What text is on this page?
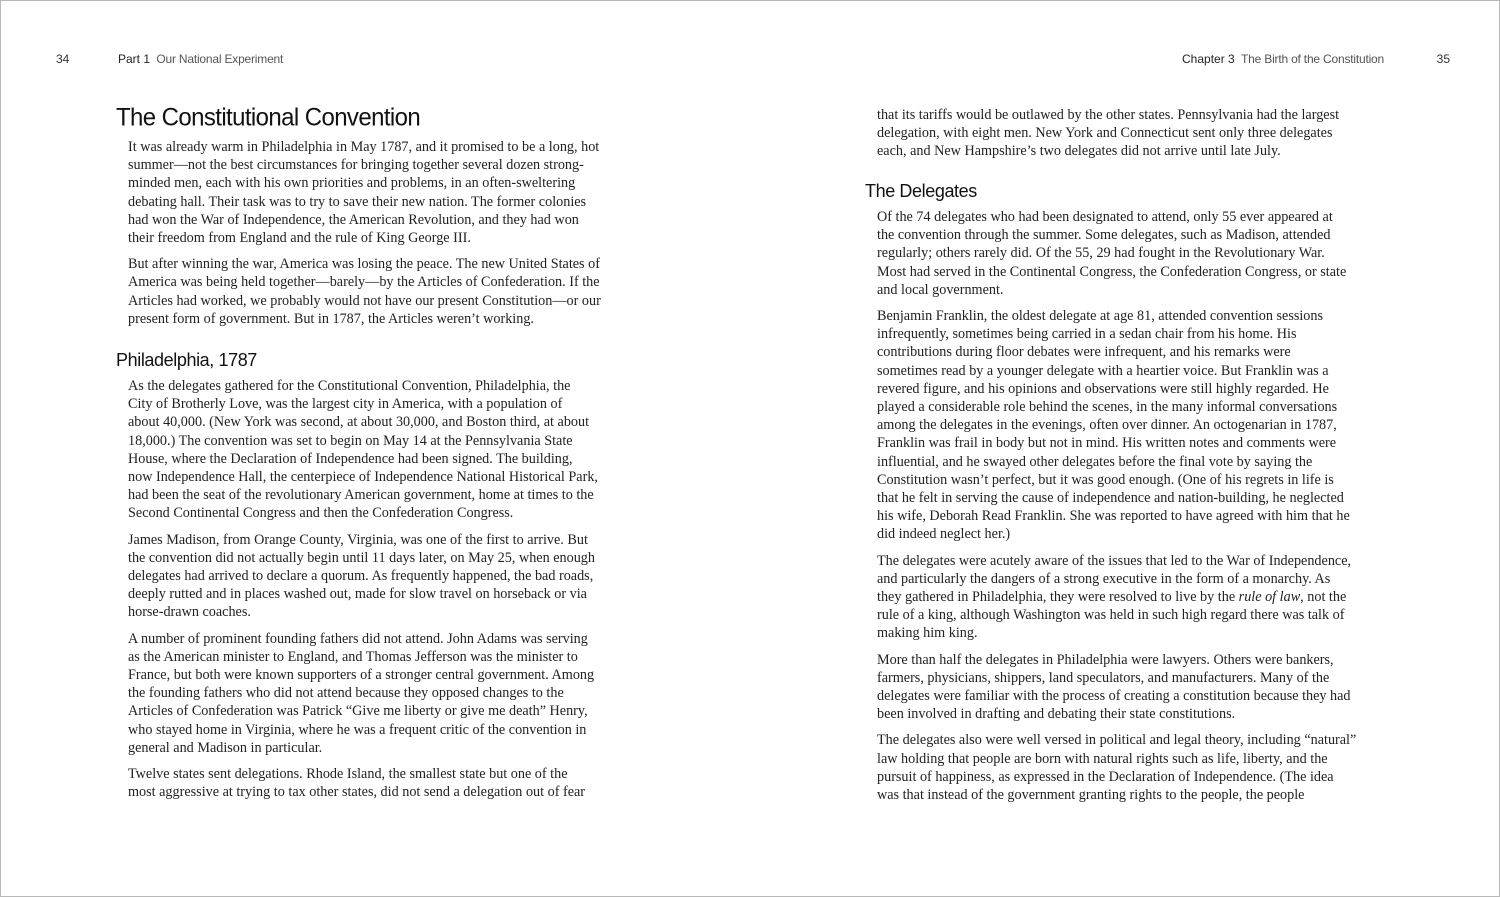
34	Part 1 Our National Experiment
The Constitutional Convention

It was already warm in Philadelphia in May 1787, and it promised to be a long, hot
summer—not the best circumstances for bringing together several dozen strong-
minded men, each with his own priorities and problems, in an often-sweltering
debating hall. Their task was to try to save their new nation. The former colonies
had won the War of Independence, the American Revolution, and they had won
their freedom from England and the rule of King George III.

But after winning the war, America was losing the peace. The new United States of
America was being held together—barely—by the Articles of Confederation. If the
Articles had worked, we probably would not have our present Constitution—or our
present form of government. But in 1787, the Articles weren’t working.

Philadelphia, 1787

As the delegates gathered for the Constitutional Convention, Philadelphia, the
City of Brotherly Love, was the largest city in America, with a population of
about 40,000. (New York was second, at about 30,000, and Boston third, at about
18,000.) The convention was set to begin on May 14 at the Pennsylvania State
House, where the Declaration of Independence had been signed. The building,
now Independence Hall, the centerpiece of Independence National Historical Park,
had been the seat of the revolutionary American government, home at times to the
Second Continental Congress and then the Confederation Congress.

James Madison, from Orange County, Virginia, was one of the first to arrive. But
the convention did not actually begin until 11 days later, on May 25, when enough
delegates had arrived to declare a quorum. As frequently happened, the bad roads,
deeply rutted and in places washed out, made for slow travel on horseback or via
horse-drawn coaches.

A number of prominent founding fathers did not attend. John Adams was serving
as the American minister to England, and Thomas Jefferson was the minister to
France, but both were known supporters of a stronger central government. Among
the founding fathers who did not attend because they opposed changes to the
Articles of Confederation was Patrick “Give me liberty or give me death” Henry,
who stayed home in Virginia, where he was a frequent critic of the convention in
general and Madison in particular.

Twelve states sent delegations. Rhode Island, the smallest state but one of the
most aggressive at trying to tax other states, did not send a delegation out of fear

Chapter 3 The Birth of the Constitution	35

that its tariffs would be outlawed by the other states. Pennsylvania had the largest
delegation, with eight men. New York and Connecticut sent only three delegates
each, and New Hampshire’s two delegates did not arrive until late July.

The Delegates

Of the 74 delegates who had been designated to attend, only 55 ever appeared at
the convention through the summer. Some delegates, such as Madison, attended
regularly; others rarely did. Of the 55, 29 had fought in the Revolutionary War.
Most had served in the Continental Congress, the Confederation Congress, or state
and local government.

Benjamin Franklin, the oldest delegate at age 81, attended convention sessions
infrequently, sometimes being carried in a sedan chair from his home. His
contributions during floor debates were infrequent, and his remarks were
sometimes read by a younger delegate with a heartier voice. But Franklin was a
revered figure, and his opinions and observations were still highly regarded. He
played a considerable role behind the scenes, in the many informal conversations
among the delegates in the evenings, often over dinner. An octogenarian in 1787,
Franklin was frail in body but not in mind. His written notes and comments were
influential, and he swayed other delegates before the final vote by saying the
Constitution wasn’t perfect, but it was good enough. (One of his regrets in life is
that he felt in serving the cause of independence and nation-building, he neglected
his wife, Deborah Read Franklin. She was reported to have agreed with him that he
did indeed neglect her.)

The delegates were acutely aware of the issues that led to the War of Independence,
and particularly the dangers of a strong executive in the form of a monarchy. As
they gathered in Philadelphia, they were resolved to live by the rule of law, not the
rule of a king, although Washington was held in such high regard there was talk of
making him king.

More than half the delegates in Philadelphia were lawyers. Others were bankers,
farmers, physicians, shippers, land speculators, and manufacturers. Many of the
delegates were familiar with the process of creating a constitution because they had
been involved in drafting and debating their state constitutions.

The delegates also were well versed in political and legal theory, including “natural”
law holding that people are born with natural rights such as life, liberty, and the
pursuit of happiness, as expressed in the Declaration of Independence. (The idea
was that instead of the government granting rights to the people, the people
